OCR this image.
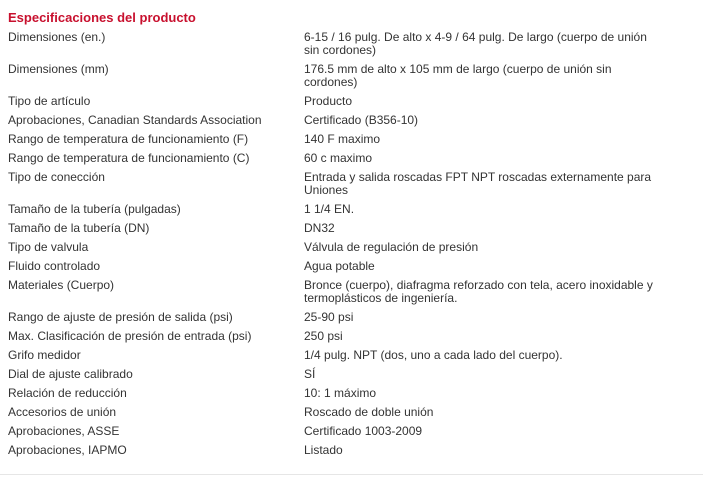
Especificaciones del producto
Dimensiones (en.)	6-15 / 16 pulg. De alto x 4-9 / 64 pulg. De largo (cuerpo de unión sin cordones)
Dimensiones (mm)	176.5 mm de alto x 105 mm de largo (cuerpo de unión sin cordones)
Tipo de artículo	Producto
Aprobaciones, Canadian Standards Association	Certificado (B356-10)
Rango de temperatura de funcionamiento (F)	140 F maximo
Rango de temperatura de funcionamiento (C)	60 c maximo
Tipo de conección	Entrada y salida roscadas FPT NPT roscadas externamente para Uniones
Tamaño de la tubería (pulgadas)	1 1/4 EN.
Tamaño de la tubería (DN)	DN32
Tipo de valvula	Válvula de regulación de presión
Fluido controlado	Agua potable
Materiales (Cuerpo)	Bronce (cuerpo), diafragma reforzado con tela, acero inoxidable y termoplásticos de ingeniería.
Rango de ajuste de presión de salida (psi)	25-90 psi
Max. Clasificación de presión de entrada (psi)	250 psi
Grifo medidor	1/4 pulg. NPT (dos, uno a cada lado del cuerpo).
Dial de ajuste calibrado	SÍ
Relación de reducción	10: 1 máximo
Accesorios de unión	Roscado de doble unión
Aprobaciones, ASSE	Certificado 1003-2009
Aprobaciones, IAPMO	Listado
